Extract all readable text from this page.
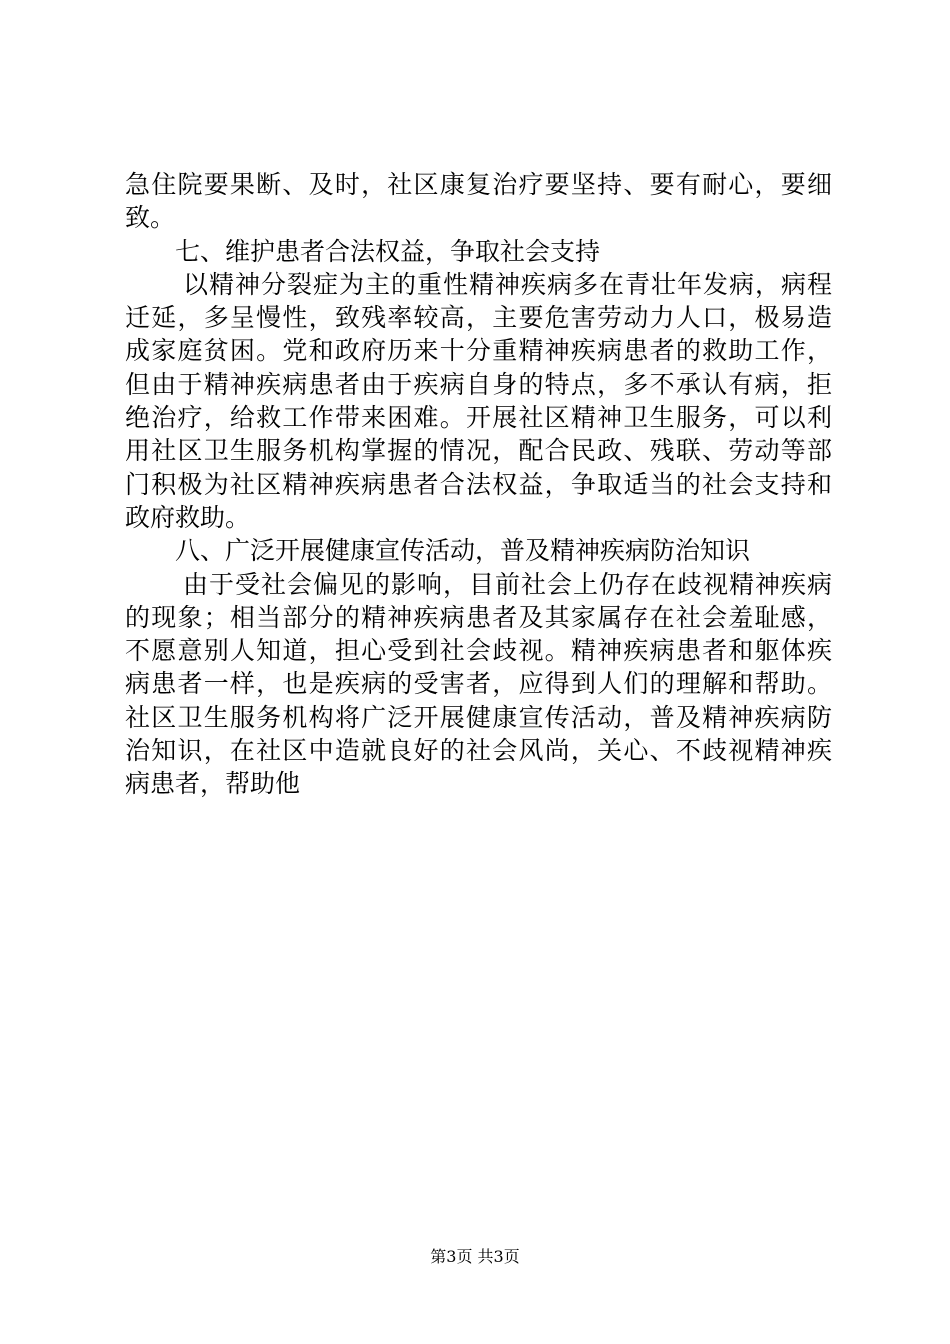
急住院要果断、及时，社区康复治疗要坚持、要有耐心，要细
致。
七、维护患者合法权益，争取社会支持
以精神分裂症为主的重性精神疾病多在青壮年发病，病程
迁延，多呈慢性，致残率较高，主要危害劳动力人口，极易造
成家庭贫困。党和政府历来十分重精神疾病患者的救助工作，
但由于精神疾病患者由于疾病自身的特点，多不承认有病，拒
绝治疗，给救工作带来困难。开展社区精神卫生服务，可以利
用社区卫生服务机构掌握的情况，配合民政、残联、劳动等部
门积极为社区精神疾病患者合法权益，争取适当的社会支持和
政府救助。
八、广泛开展健康宣传活动，普及精神疾病防治知识
由于受社会偏见的影响，目前社会上仍存在歧视精神疾病
的现象；相当部分的精神疾病患者及其家属存在社会羞耻感，
不愿意别人知道，担心受到社会歧视。精神疾病患者和躯体疾
病患者一样，也是疾病的受害者，应得到人们的理解和帮助。
社区卫生服务机构将广泛开展健康宣传活动，普及精神疾病防
治知识，在社区中造就良好的社会风尚，关心、不歧视精神疾
病患者，帮助他
第3页 共3页
